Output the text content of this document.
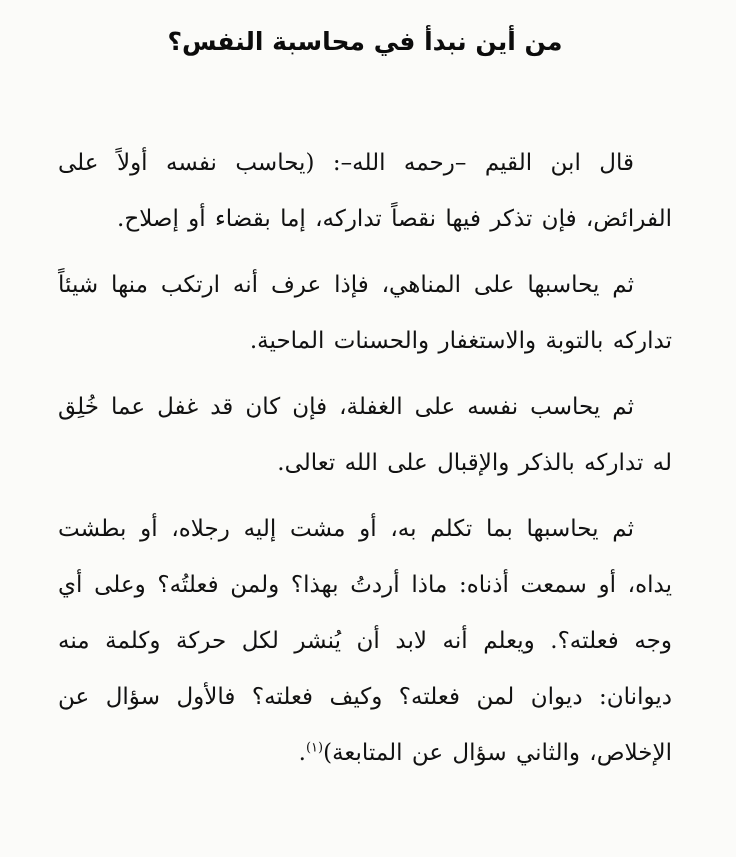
من أين نبدأ في محاسبة النفس؟

قال ابن القيم –رحمه الله–: (يحاسب نفسه أولاً على الفرائض، فإن تذكر فيها نقصاً تداركه، إما بقضاء أو إصلاح.

ثم يحاسبها على المناهي، فإذا عرف أنه ارتكب منها شيئاً تداركه بالتوبة والاستغفار والحسنات الماحية.

ثم يحاسب نفسه على الغفلة، فإن كان قد غفل عما خُلِق له تداركه بالذكر والإقبال على الله تعالى.

ثم يحاسبها بما تكلم به، أو مشت إليه رجلاه، أو بطشت يداه، أو سمعت أذناه: ماذا أردتُ بهذا؟ ولمن فعلتُه؟ وعلى أي وجه فعلته؟. ويعلم أنه لابد أن يُنشر لكل حركة وكلمة منه ديوانان: ديوان لمن فعلته؟ وكيف فعلته؟ فالأول سؤال عن الإخلاص، والثاني سؤال عن المتابعة)$^{(١)}$.
